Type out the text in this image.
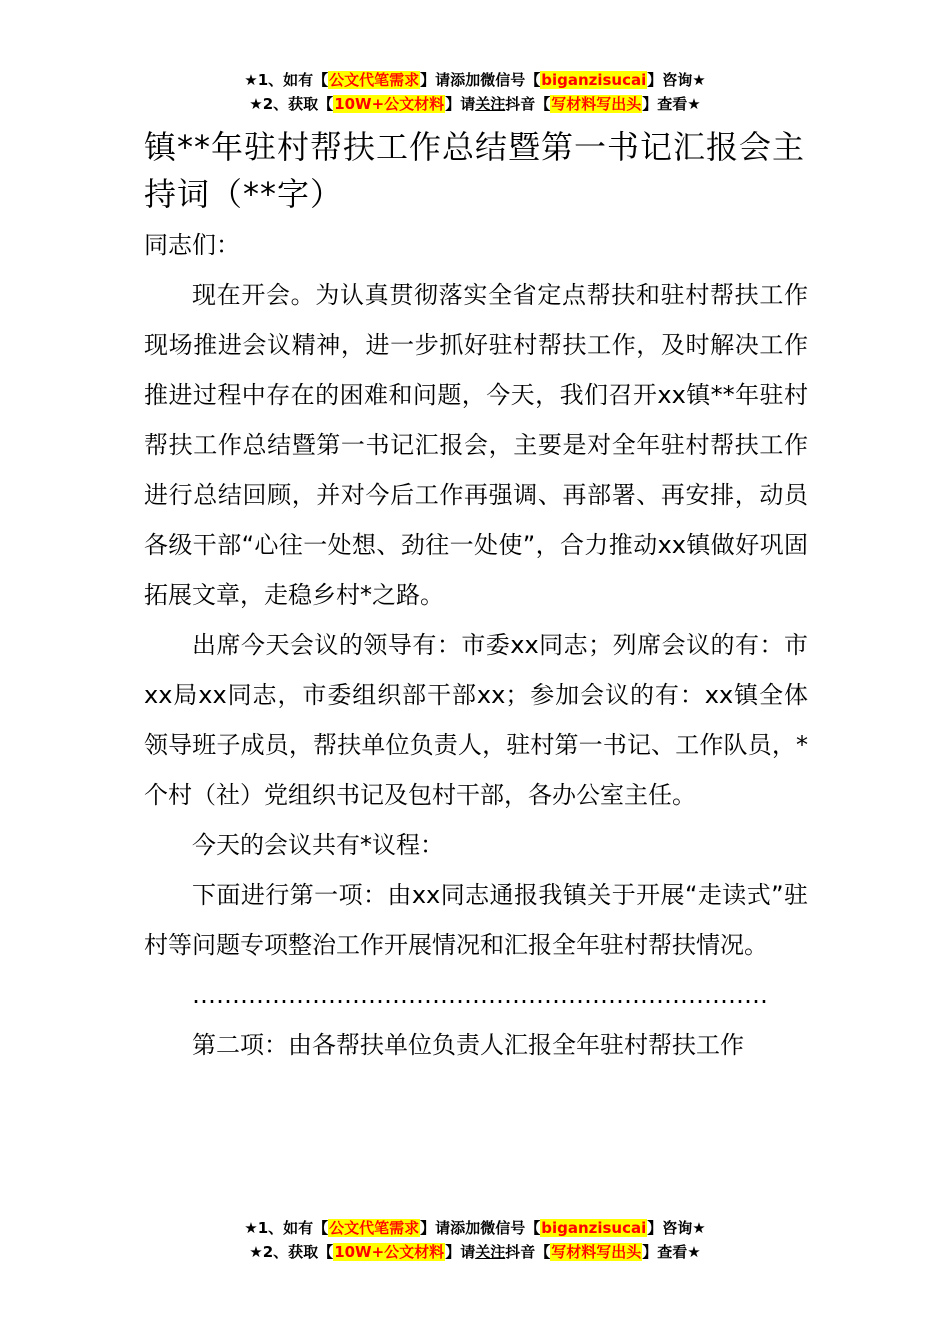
★1、如有【公文代笔需求】请添加微信号【biganzisucai】咨询★
★2、获取【10W+公文材料】请关注抖音【写材料写出头】查看★
镇**年驻村帮扶工作总结暨第一书记汇报会主持词（**字）

同志们：

现在开会。为认真贯彻落实全省定点帮扶和驻村帮扶工作现场推进会议精神，进一步抓好驻村帮扶工作，及时解决工作推进过程中存在的困难和问题，今天，我们召开xx镇**年驻村帮扶工作总结暨第一书记汇报会，主要是对全年驻村帮扶工作进行总结回顾，并对今后工作再强调、再部署、再安排，动员各级干部“心往一处想、劲往一处使”，合力推动xx镇做好巩固拓展文章，走稳乡村*之路。

出席今天会议的领导有：市委xx同志；列席会议的有：市xx局xx同志，市委组织部干部xx；参加会议的有：xx镇全体领导班子成员，帮扶单位负责人，驻村第一书记、工作队员，*个村（社）党组织书记及包村干部，各办公室主任。

今天的会议共有*议程：

下面进行第一项：由xx同志通报我镇关于开展“走读式”驻村等问题专项整治工作开展情况和汇报全年驻村帮扶情况。

………………………………………………………………

第二项：由各帮扶单位负责人汇报全年驻村帮扶工作

★1、如有【公文代笔需求】请添加微信号【biganzisucai】咨询★
★2、获取【10W+公文材料】请关注抖音【写材料写出头】查看★
